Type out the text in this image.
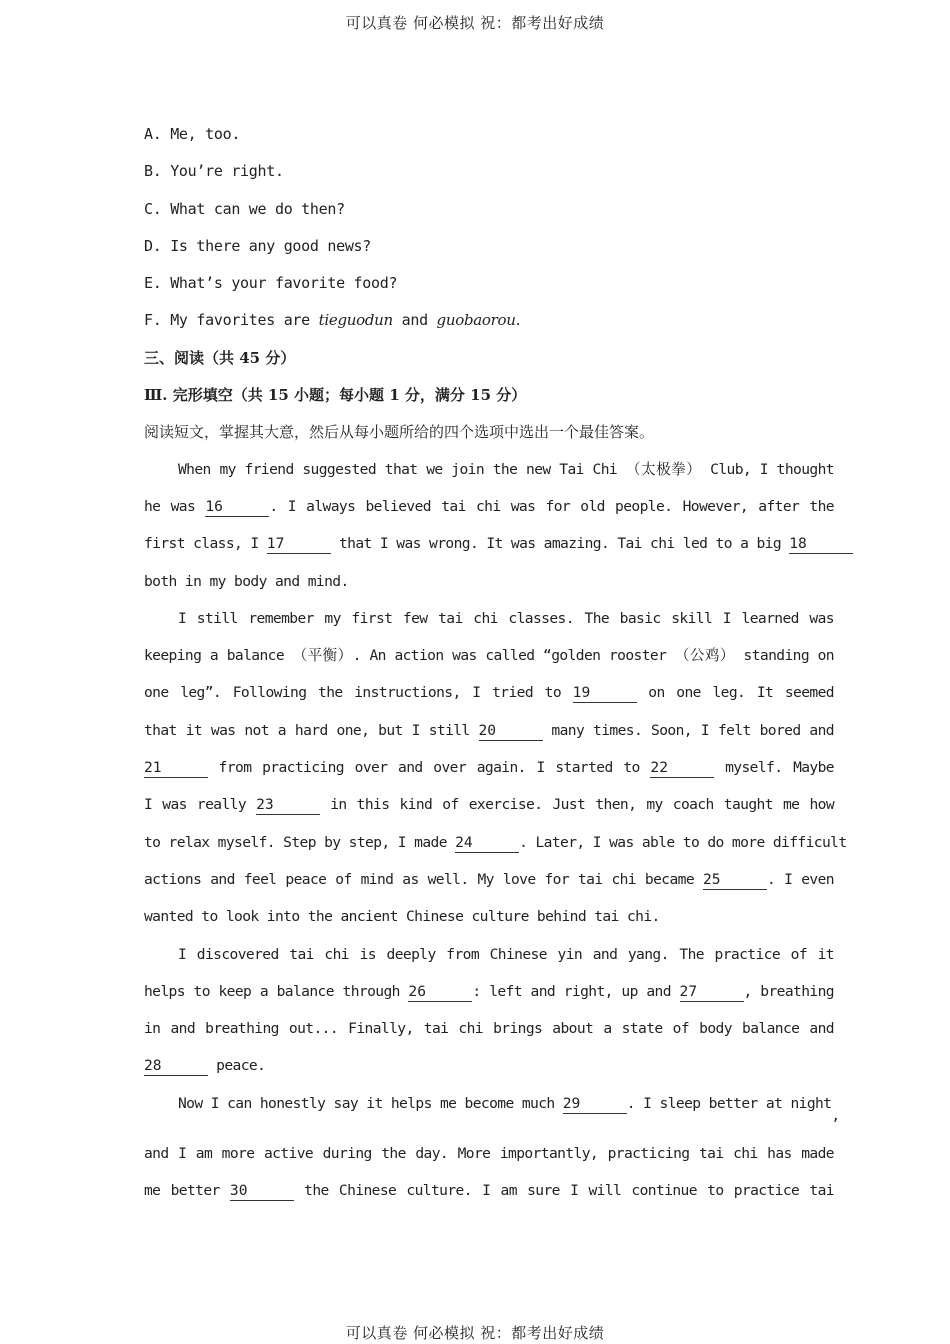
可以真卷 何必模拟 祝：都考出好成绩
A. Me, too.
B. You’re right.
C. What can we do then?
D. Is there any good news?
E. What’s your favorite food?
F. My favorites are tieguodun and guobaorou.
三、阅读（共 45 分）
Ⅲ. 完形填空（共 15 小题；每小题 1 分，满分 15 分）
阅读短文，掌握其大意，然后从每小题所给的四个选项中选出一个最佳答案。
When my friend suggested that we join the new Tai Chi （太极拳） Club, I thought
he was 16	. I always believed tai chi was for old people. However, after the
first class, I 17	that I was wrong. It was amazing. Tai chi led to a big 18
both in my body and mind.
I still remember my first few tai chi classes. The basic skill I learned was
keeping a balance （平衡）. An action was called “golden rooster （公鸡） standing on
one leg”. Following the instructions, I tried to 19	on one leg. It seemed
that it was not a hard one, but I still 20	many times. Soon, I felt bored and
21	from practicing over and over again. I started to 22	myself. Maybe
I was really 23	in this kind of exercise. Just then, my coach taught me how
to relax myself. Step by step, I made 24	. Later, I was able to do more difficult
actions and feel peace of mind as well. My love for tai chi became 25	. I even
wanted to look into the ancient Chinese culture behind tai chi.
I discovered tai chi is deeply from Chinese yin and yang. The practice of it
helps to keep a balance through 26	: left and right, up and 27	, breathing
in and breathing out... Finally, tai chi brings about a state of body balance and
28	peace.
Now I can honestly say it helps me become much 29	. I sleep better at night,
and I am more active during the day. More importantly, practicing tai chi has made
me better 30	the Chinese culture. I am sure I will continue to practice tai
可以真卷 何必模拟 祝：都考出好成绩
